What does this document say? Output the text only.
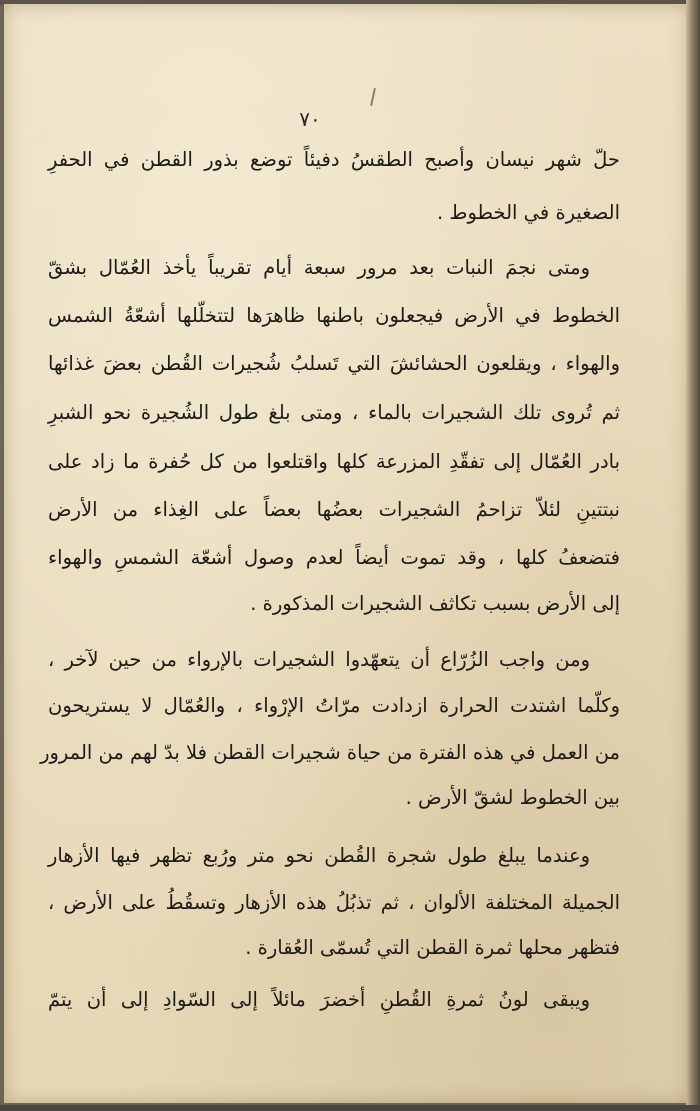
٧٠
حلّ شهر نيسان وأصبح الطقسُ دفيئاً توضع بذور القطن في الحفرِ
الصغيرة في الخطوط .
ومتى نجمَ النبات بعد مرور سبعة أيام تقريباً يأخذ العُمّال بشقّ
الخطوط في الأرض فيجعلون باطنها ظاهرَها لتتخلّلها أشعّةُ الشمس
والهواء ، ويقلعون الحشائشَ التي تَسلبُ شُجيرات القُطن بعضَ غذائها
ثم تُروى تلك الشجيرات بالماء ، ومتى بلغ طول الشُجيرة نحو الشبرِ
بادر العُمّال إلى تفقّدِ المزرعة كلها واقتلعوا من كل حُفرة ما زاد على
نبتتينِ لئلاّ تزاحمُ الشجيرات بعضُها بعضاً على الغِذاء من الأرض
فتضعفُ كلها ، وقد تموت أيضاً لعدم وصول أشعّة الشمسِ والهواء
إلى الأرض بسبب تكاثف الشجيرات المذكورة .
ومن واجب الزُرّاع أن يتعهّدوا الشجيرات بالإرواء من حين لآخر ،
وكلّما اشتدت الحرارة ازدادت مرّاتُ الإرْواء ، والعُمّال لا يستريحون
من العمل في هذه الفترة من حياة شجيرات القطن فلا بدّ لهم من المرور
بين الخطوط لشقّ الأرض .
وعندما يبلغ طول شجرة القُطن نحو متر ورُبع تظهر فيها الأزهار
الجميلة المختلفة الألوان ، ثم تذبُلُ هذه الأزهار وتسقُطُ على الأرض ،
فتظهر محلها ثمرة القطن التي تُسمّى العُقارة .
ويبقى لونُ ثمرةِ القُطنِ أخضرَ مائلاً إلى السّوادِ إلى أن يتمّ
